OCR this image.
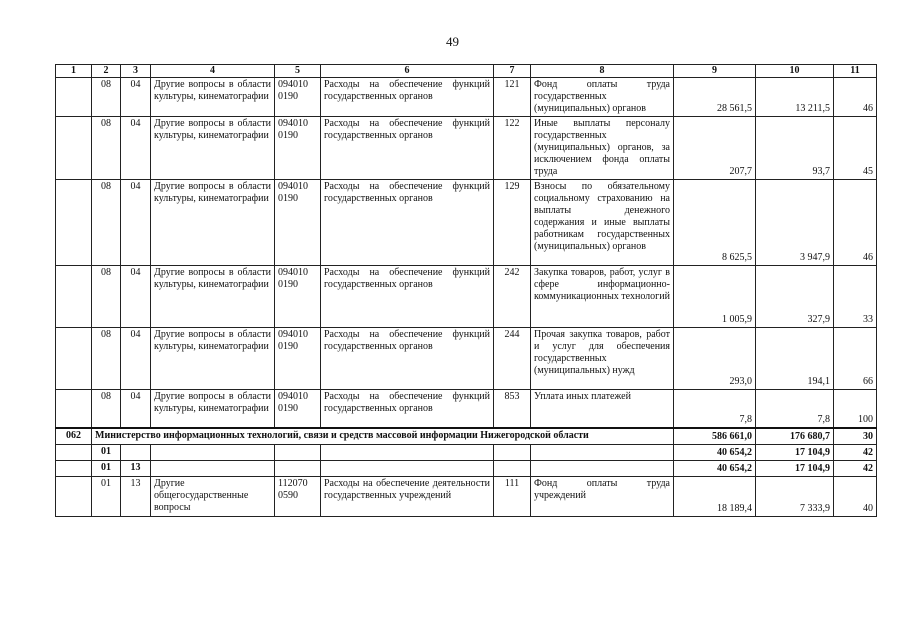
49
1	2	3	4	5	6	7	8	9	10	11
	08	04	Другие вопросы в области культуры, кинематографии	094010 0190	Расходы на обеспечение функций государственных органов	121	Фонд оплаты труда государственных (муниципальных) органов	28 561,5	13 211,5	46
	08	04	Другие вопросы в области культуры, кинематографии	094010 0190	Расходы на обеспечение функций государственных органов	122	Иные выплаты персоналу государственных (муниципальных) органов, за исключением фонда оплаты труда	207,7	93,7	45
	08	04	Другие вопросы в области культуры, кинематографии	094010 0190	Расходы на обеспечение функций государственных органов	129	Взносы по обязательному социальному страхованию на выплаты денежного содержания и иные выплаты работникам государственных (муниципальных) органов	8 625,5	3 947,9	46
	08	04	Другие вопросы в области культуры, кинематографии	094010 0190	Расходы на обеспечение функций государственных органов	242	Закупка товаров, работ, услуг в сфере информационно-коммуникационных технологий	1 005,9	327,9	33
	08	04	Другие вопросы в области культуры, кинематографии	094010 0190	Расходы на обеспечение функций государственных органов	244	Прочая закупка товаров, работ и услуг для обеспечения государственных (муниципальных) нужд	293,0	194,1	66
	08	04	Другие вопросы в области культуры, кинематографии	094010 0190	Расходы на обеспечение функций государственных органов	853	Уплата иных платежей	7,8	7,8	100
062	Министерство информационных технологий, связи и средств массовой информации Нижегородской области							586 661,0	176 680,7	30
	01							40 654,2	17 104,9	42
	01	13						40 654,2	17 104,9	42
	01	13	Другие общегосударственные вопросы	112070 0590	Расходы на обеспечение деятельности государственных учреждений	111	Фонд оплаты труда учреждений	18 189,4	7 333,9	40
